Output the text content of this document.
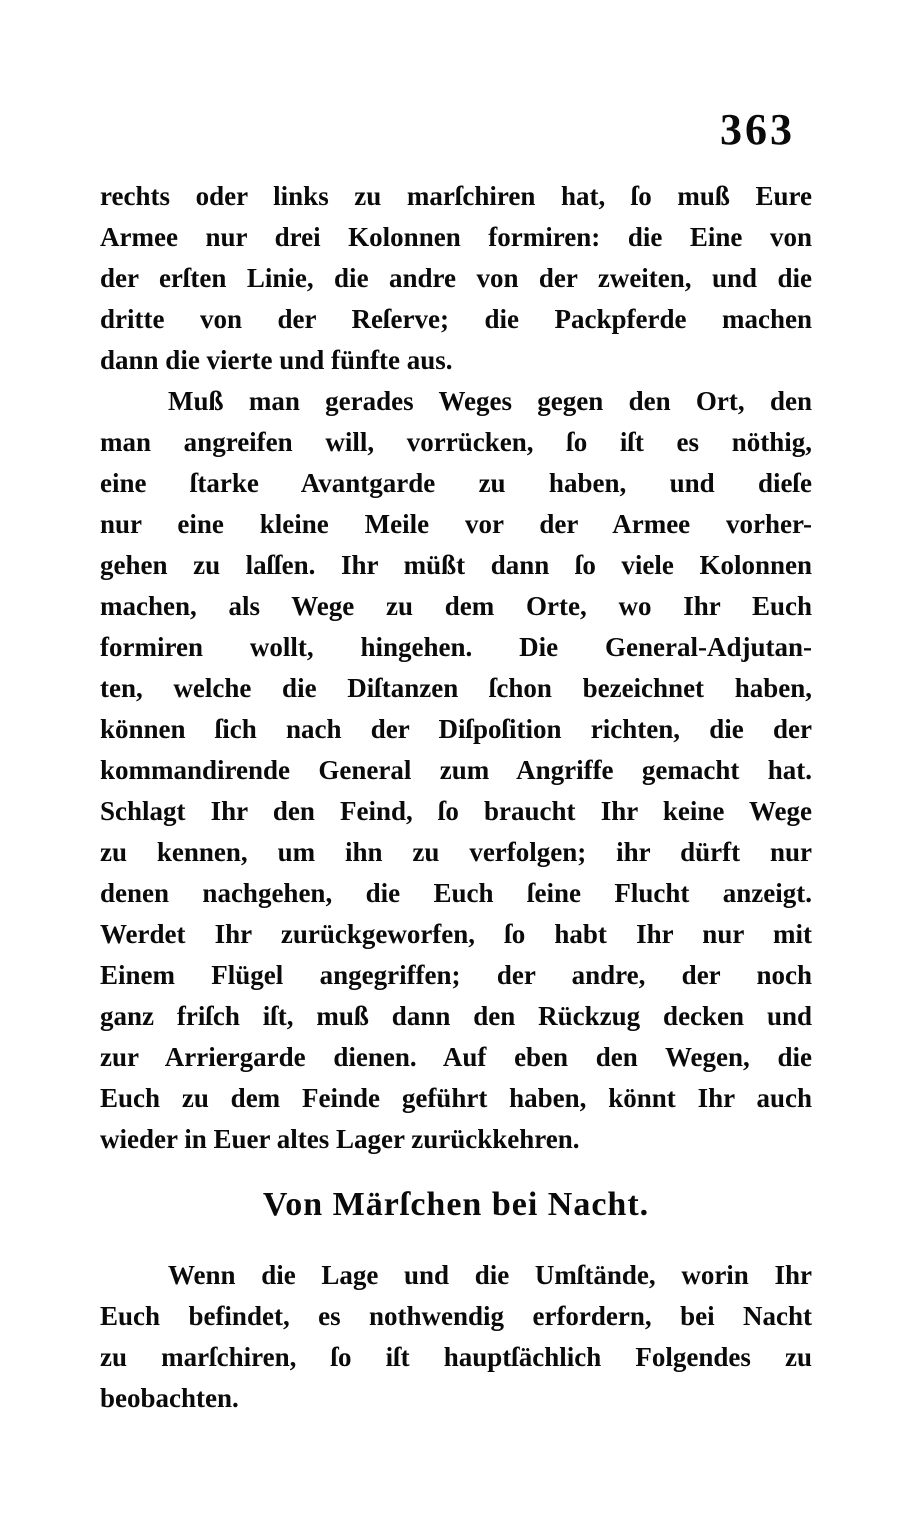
363
rechts oder links zu marſchiren hat, ſo muß Eure
Armee nur drei Kolonnen formiren: die Eine von
der erſten Linie, die andre von der zweiten, und die
dritte von der Reſerve; die Packpferde machen
dann die vierte und fünfte aus.
Muß man gerades Weges gegen den Ort, den
man angreifen will, vorrücken, ſo iſt es nöthig,
eine ſtarke Avantgarde zu haben, und dieſe
nur eine kleine Meile vor der Armee vorher-
gehen zu laſſen. Ihr müßt dann ſo viele Kolonnen
machen, als Wege zu dem Orte, wo Ihr Euch
formiren wollt, hingehen. Die General-Adjutan-
ten, welche die Diſtanzen ſchon bezeichnet haben,
können ſich nach der Diſpoſition richten, die der
kommandirende General zum Angriffe gemacht hat.
Schlagt Ihr den Feind, ſo braucht Ihr keine Wege
zu kennen, um ihn zu verfolgen; ihr dürft nur
denen nachgehen, die Euch ſeine Flucht anzeigt.
Werdet Ihr zurückgeworfen, ſo habt Ihr nur mit
Einem Flügel angegriffen; der andre, der noch
ganz friſch iſt, muß dann den Rückzug decken und
zur Arriergarde dienen. Auf eben den Wegen, die
Euch zu dem Feinde geführt haben, könnt Ihr auch
wieder in Euer altes Lager zurückkehren.
Von Märſchen bei Nacht.
Wenn die Lage und die Umſtände, worin Ihr
Euch befindet, es nothwendig erfordern, bei Nacht
zu marſchiren, ſo iſt hauptſächlich Folgendes zu
beobachten.
